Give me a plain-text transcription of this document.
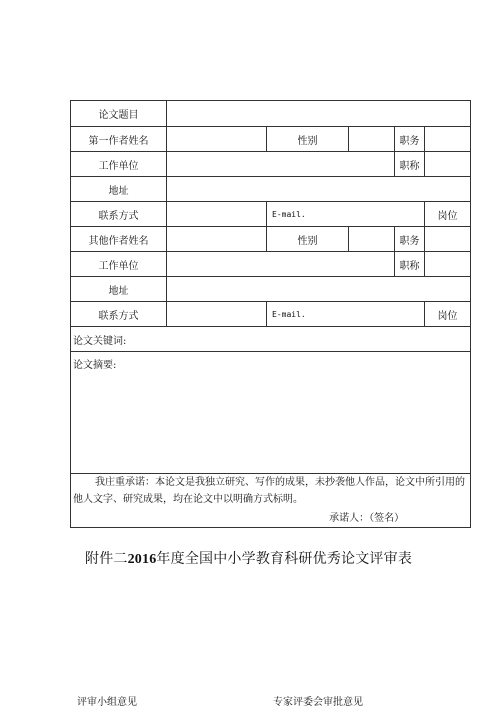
论文题目						
第一作者姓名		性别		职务		
工作单位				职称		
地址						
联系方式		E-mail.			岗位	
其他作者姓名		性别		职务		
工作单位				职称		
地址						
联系方式		E-mail.			岗位	
论文关键词:						
论文摘要:						

我庄重承诺：本论文是我独立研究、写作的成果，未抄袭他人作品，论文中所引用的
他人文字、研究成果，均在论文中以明确方式标明。
承诺人：（签名）						
附件二2016年度全国中小学教育科研优秀论文评审表
评审小组意见	专家评委会审批意见
